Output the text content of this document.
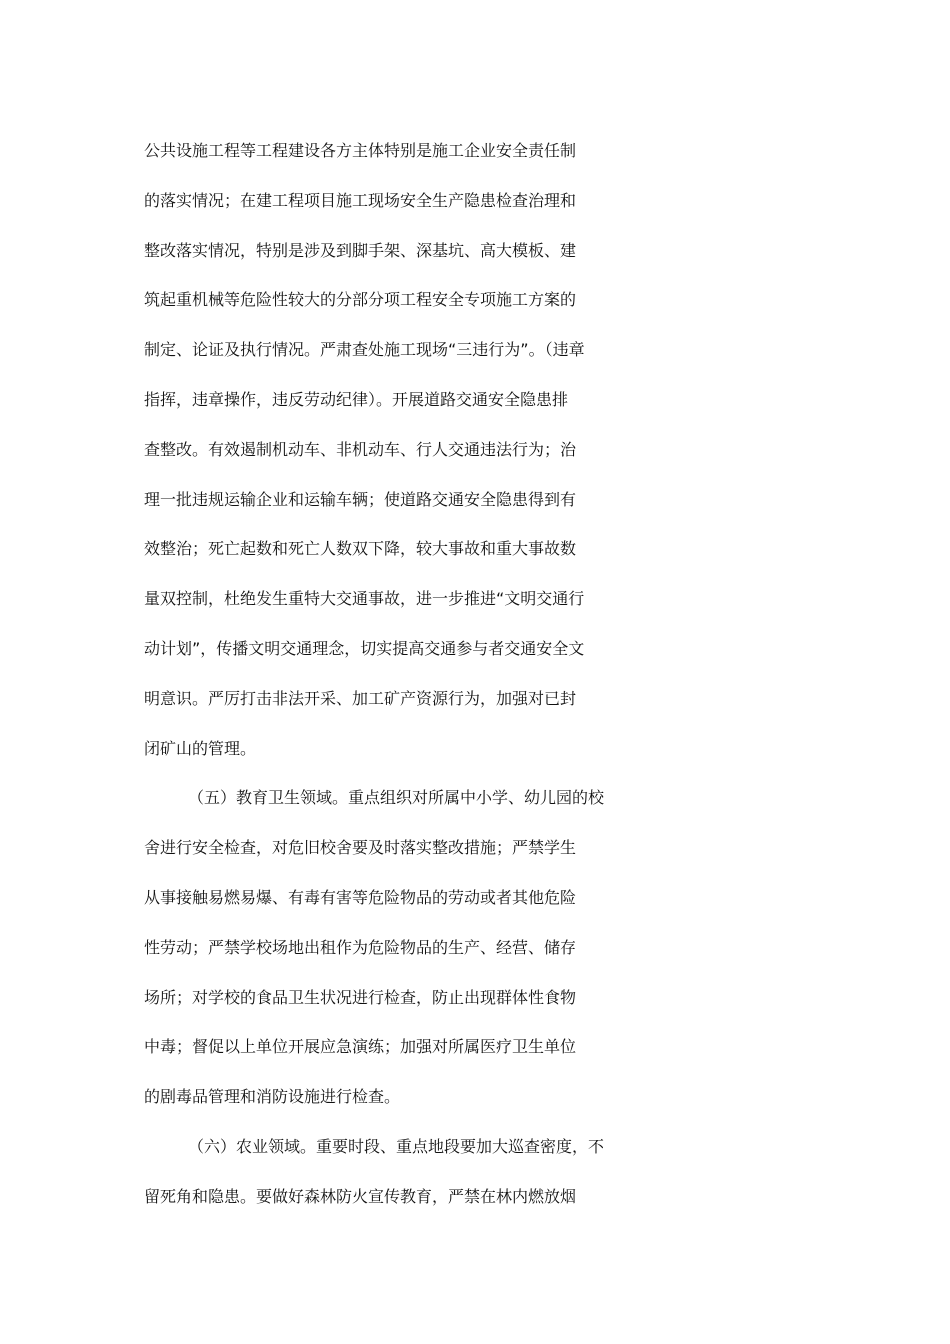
公共设施工程等工程建设各方主体特别是施工企业安全责任制
的落实情况；在建工程项目施工现场安全生产隐患检查治理和
整改落实情况，特别是涉及到脚手架、深基坑、高大模板、建
筑起重机械等危险性较大的分部分项工程安全专项施工方案的
制定、论证及执行情况。严肃查处施工现场“三违行为”。（违章
指挥，违章操作，违反劳动纪律）。开展道路交通安全隐患排
查整改。有效遏制机动车、非机动车、行人交通违法行为；治
理一批违规运输企业和运输车辆；使道路交通安全隐患得到有
效整治；死亡起数和死亡人数双下降，较大事故和重大事故数
量双控制，杜绝发生重特大交通事故，进一步推进“文明交通行
动计划”，传播文明交通理念，切实提高交通参与者交通安全文
明意识。严厉打击非法开采、加工矿产资源行为，加强对已封
闭矿山的管理。
（五）教育卫生领域。重点组织对所属中小学、幼儿园的校
舍进行安全检查，对危旧校舍要及时落实整改措施；严禁学生
从事接触易燃易爆、有毒有害等危险物品的劳动或者其他危险
性劳动；严禁学校场地出租作为危险物品的生产、经营、储存
场所；对学校的食品卫生状况进行检查，防止出现群体性食物
中毒；督促以上单位开展应急演练；加强对所属医疗卫生单位
的剧毒品管理和消防设施进行检查。
（六）农业领域。重要时段、重点地段要加大巡查密度，不
留死角和隐患。要做好森林防火宣传教育，严禁在林内燃放烟
